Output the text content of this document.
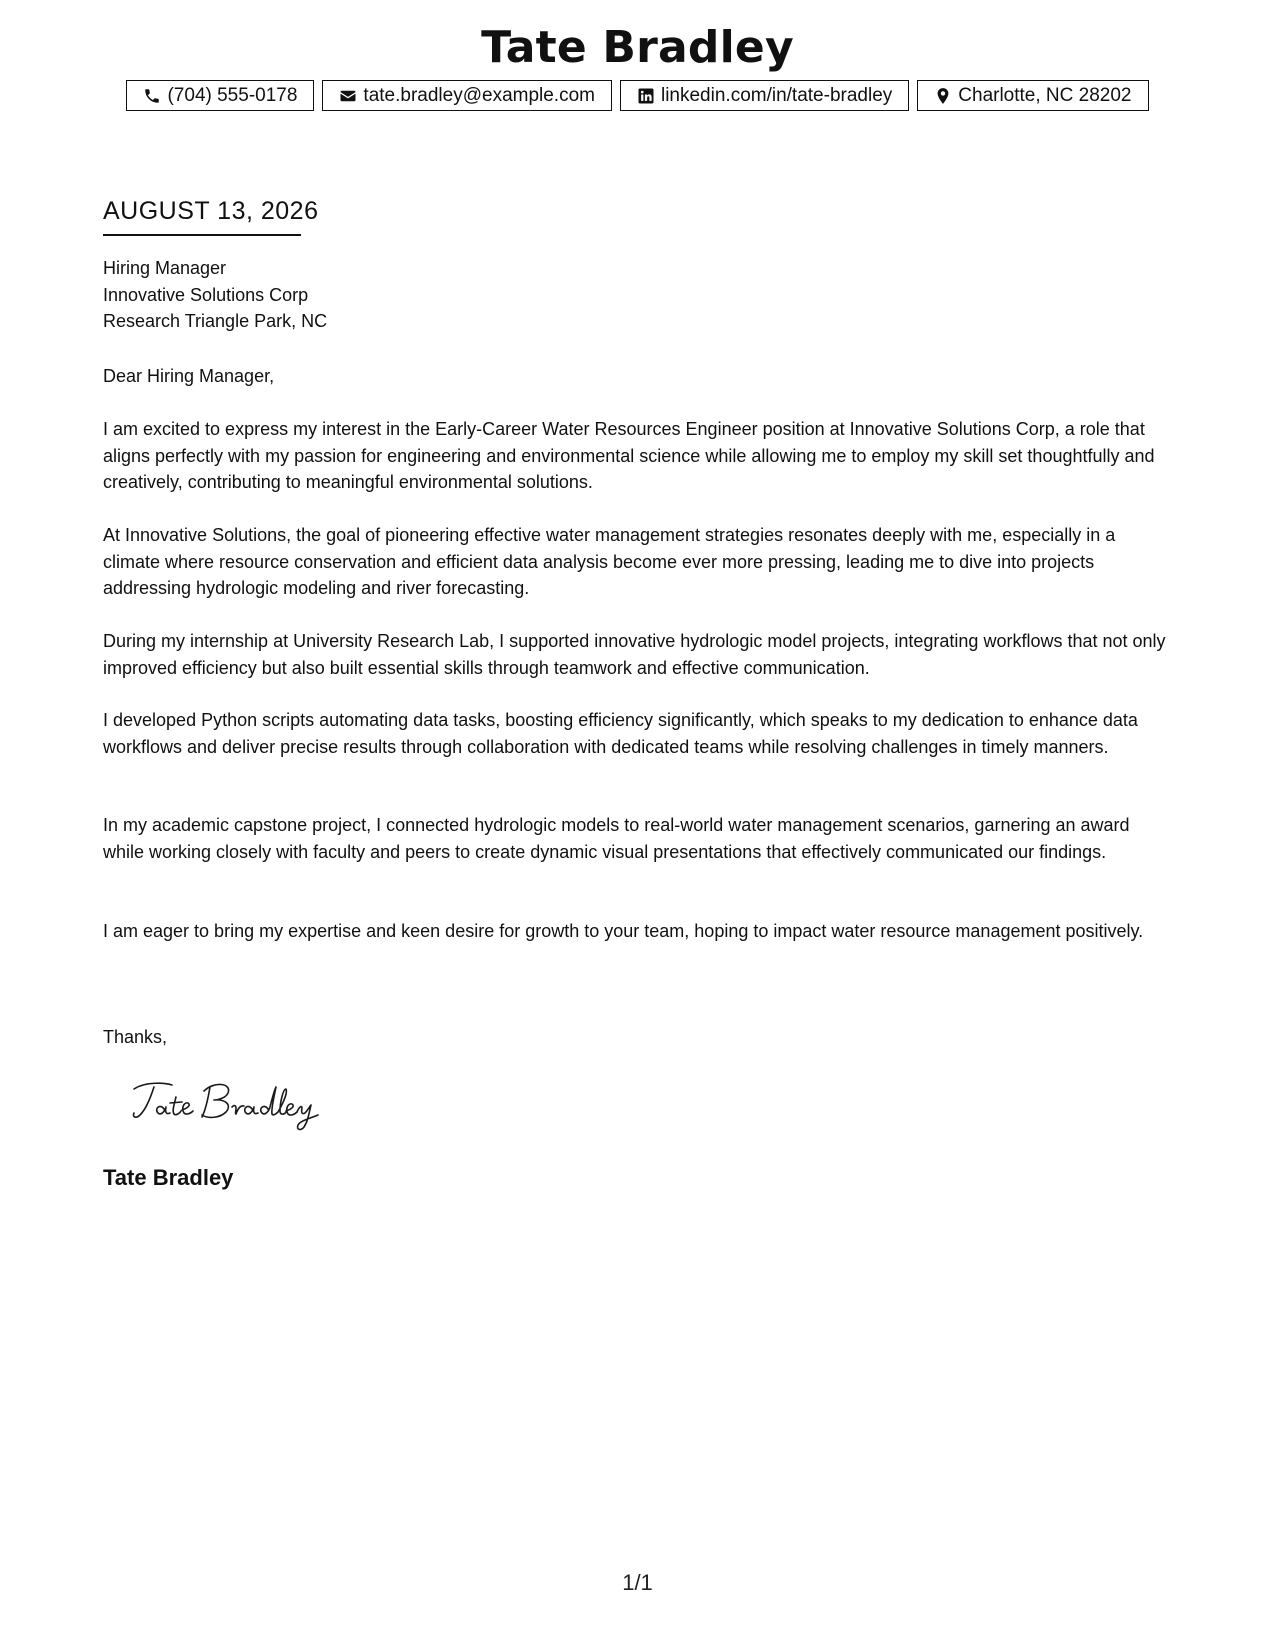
Tate Bradley
(704) 555-0178	tate.bradley@example.com	linkedin.com/in/tate-bradley	Charlotte, NC 28202
AUGUST 13, 2026
Hiring Manager
Innovative Solutions Corp
Research Triangle Park, NC
Dear Hiring Manager,
I am excited to express my interest in the Early-Career Water Resources Engineer position at Innovative Solutions Corp, a role that aligns perfectly with my passion for engineering and environmental science while allowing me to employ my skill set thoughtfully and creatively, contributing to meaningful environmental solutions.
At Innovative Solutions, the goal of pioneering effective water management strategies resonates deeply with me, especially in a climate where resource conservation and efficient data analysis become ever more pressing, leading me to dive into projects addressing hydrologic modeling and river forecasting.
During my internship at University Research Lab, I supported innovative hydrologic model projects, integrating workflows that not only improved efficiency but also built essential skills through teamwork and effective communication.
I developed Python scripts automating data tasks, boosting efficiency significantly, which speaks to my dedication to enhance data workflows and deliver precise results through collaboration with dedicated teams while resolving challenges in timely manners.
In my academic capstone project, I connected hydrologic models to real-world water management scenarios, garnering an award while working closely with faculty and peers to create dynamic visual presentations that effectively communicated our findings.
I am eager to bring my expertise and keen desire for growth to your team, hoping to impact water resource management positively.
Thanks,
Tate Bradley
1/1
